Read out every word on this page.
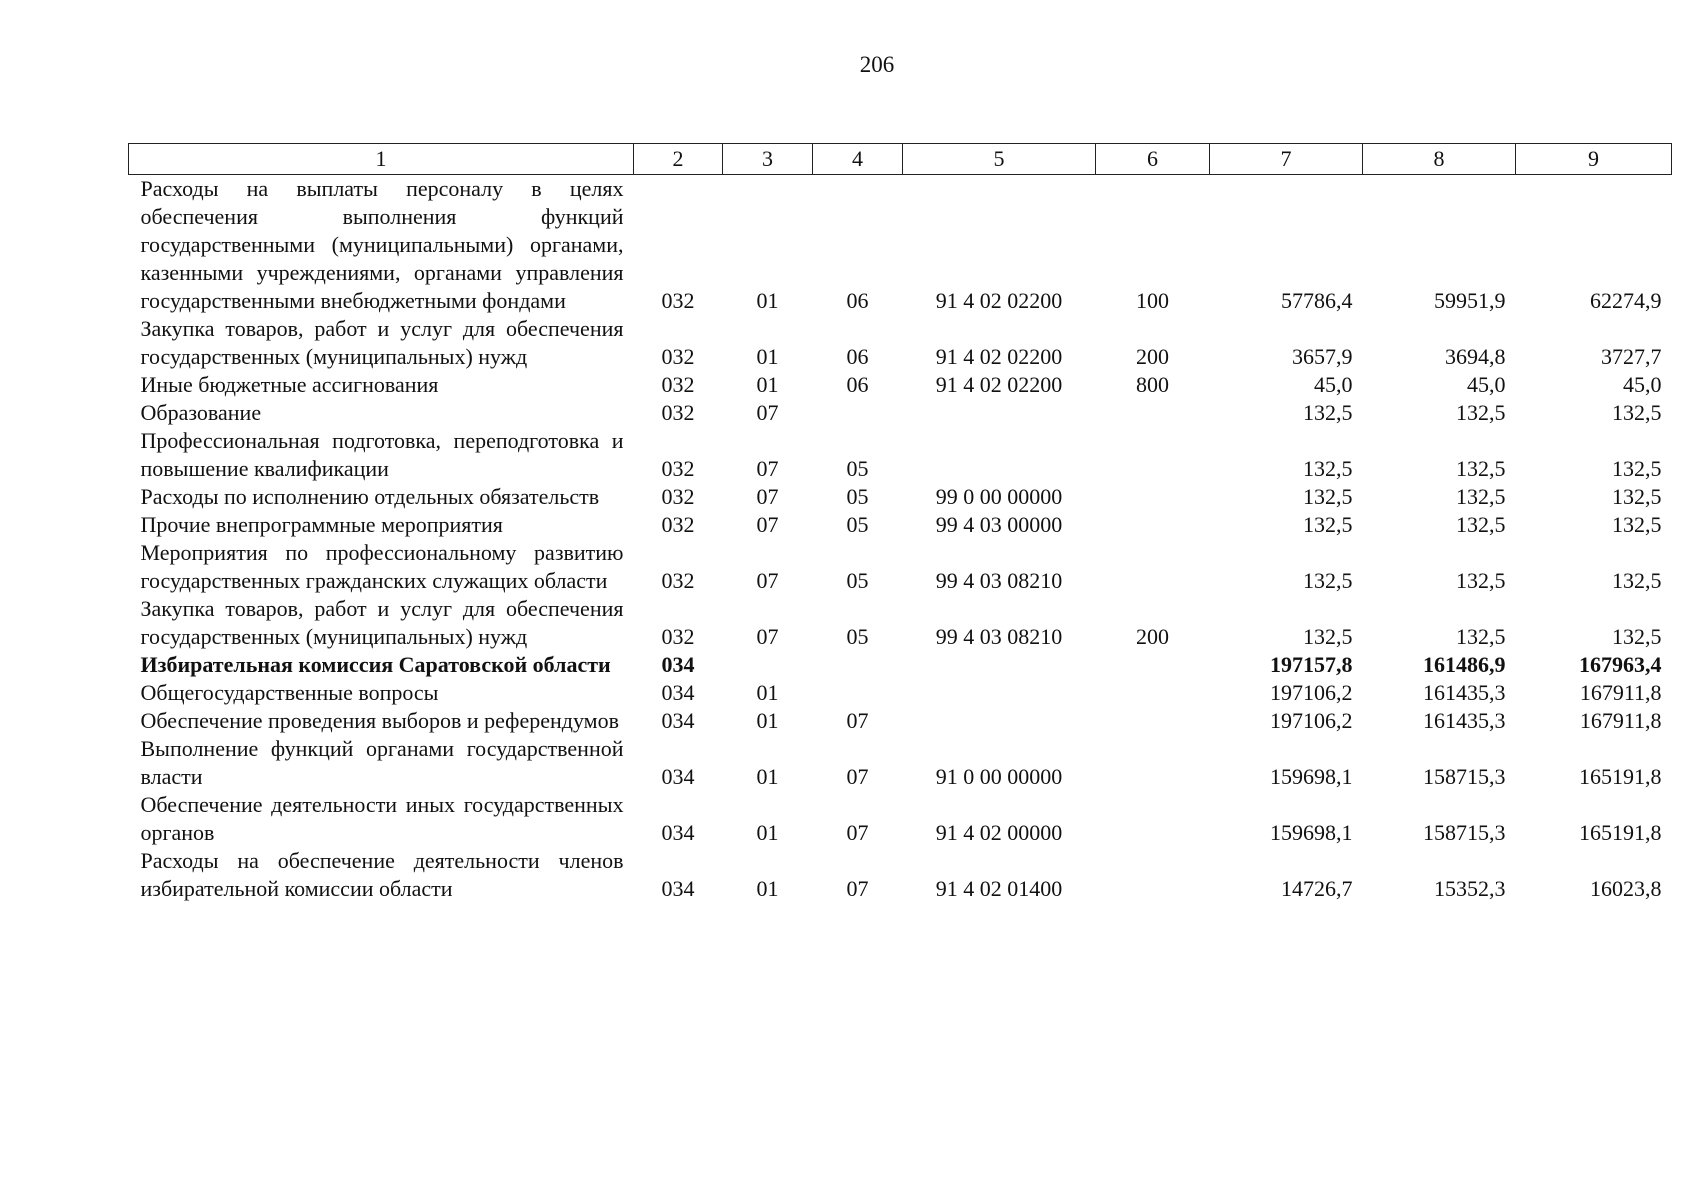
206
1	2	3	4	5	6	7	8	9
Расходы на выплаты персоналу в целях обеспечения выполнения функций государственными (муниципальными) органами, казенными учреждениями, органами управления государственными внебюджетными фондами	032	01	06	91 4 02 02200	100	57786,4	59951,9	62274,9
Закупка товаров, работ и услуг для обеспечения государственных (муниципальных) нужд	032	01	06	91 4 02 02200	200	3657,9	3694,8	3727,7
Иные бюджетные ассигнования	032	01	06	91 4 02 02200	800	45,0	45,0	45,0
Образование	032	07				132,5	132,5	132,5
Профессиональная подготовка, переподготовка и повышение квалификации	032	07	05			132,5	132,5	132,5
Расходы по исполнению отдельных обязательств	032	07	05	99 0 00 00000		132,5	132,5	132,5
Прочие внепрограммные мероприятия	032	07	05	99 4 03 00000		132,5	132,5	132,5
Мероприятия по профессиональному развитию государственных гражданских служащих области	032	07	05	99 4 03 08210		132,5	132,5	132,5
Закупка товаров, работ и услуг для обеспечения государственных (муниципальных) нужд	032	07	05	99 4 03 08210	200	132,5	132,5	132,5
Избирательная комиссия Саратовской области	034					197157,8	161486,9	167963,4
Общегосударственные вопросы	034	01				197106,2	161435,3	167911,8
Обеспечение проведения выборов и референдумов	034	01	07			197106,2	161435,3	167911,8
Выполнение функций органами государственной власти	034	01	07	91 0 00 00000		159698,1	158715,3	165191,8
Обеспечение деятельности иных государственных органов	034	01	07	91 4 02 00000		159698,1	158715,3	165191,8
Расходы на обеспечение деятельности членов избирательной комиссии области	034	01	07	91 4 02 01400		14726,7	15352,3	16023,8
